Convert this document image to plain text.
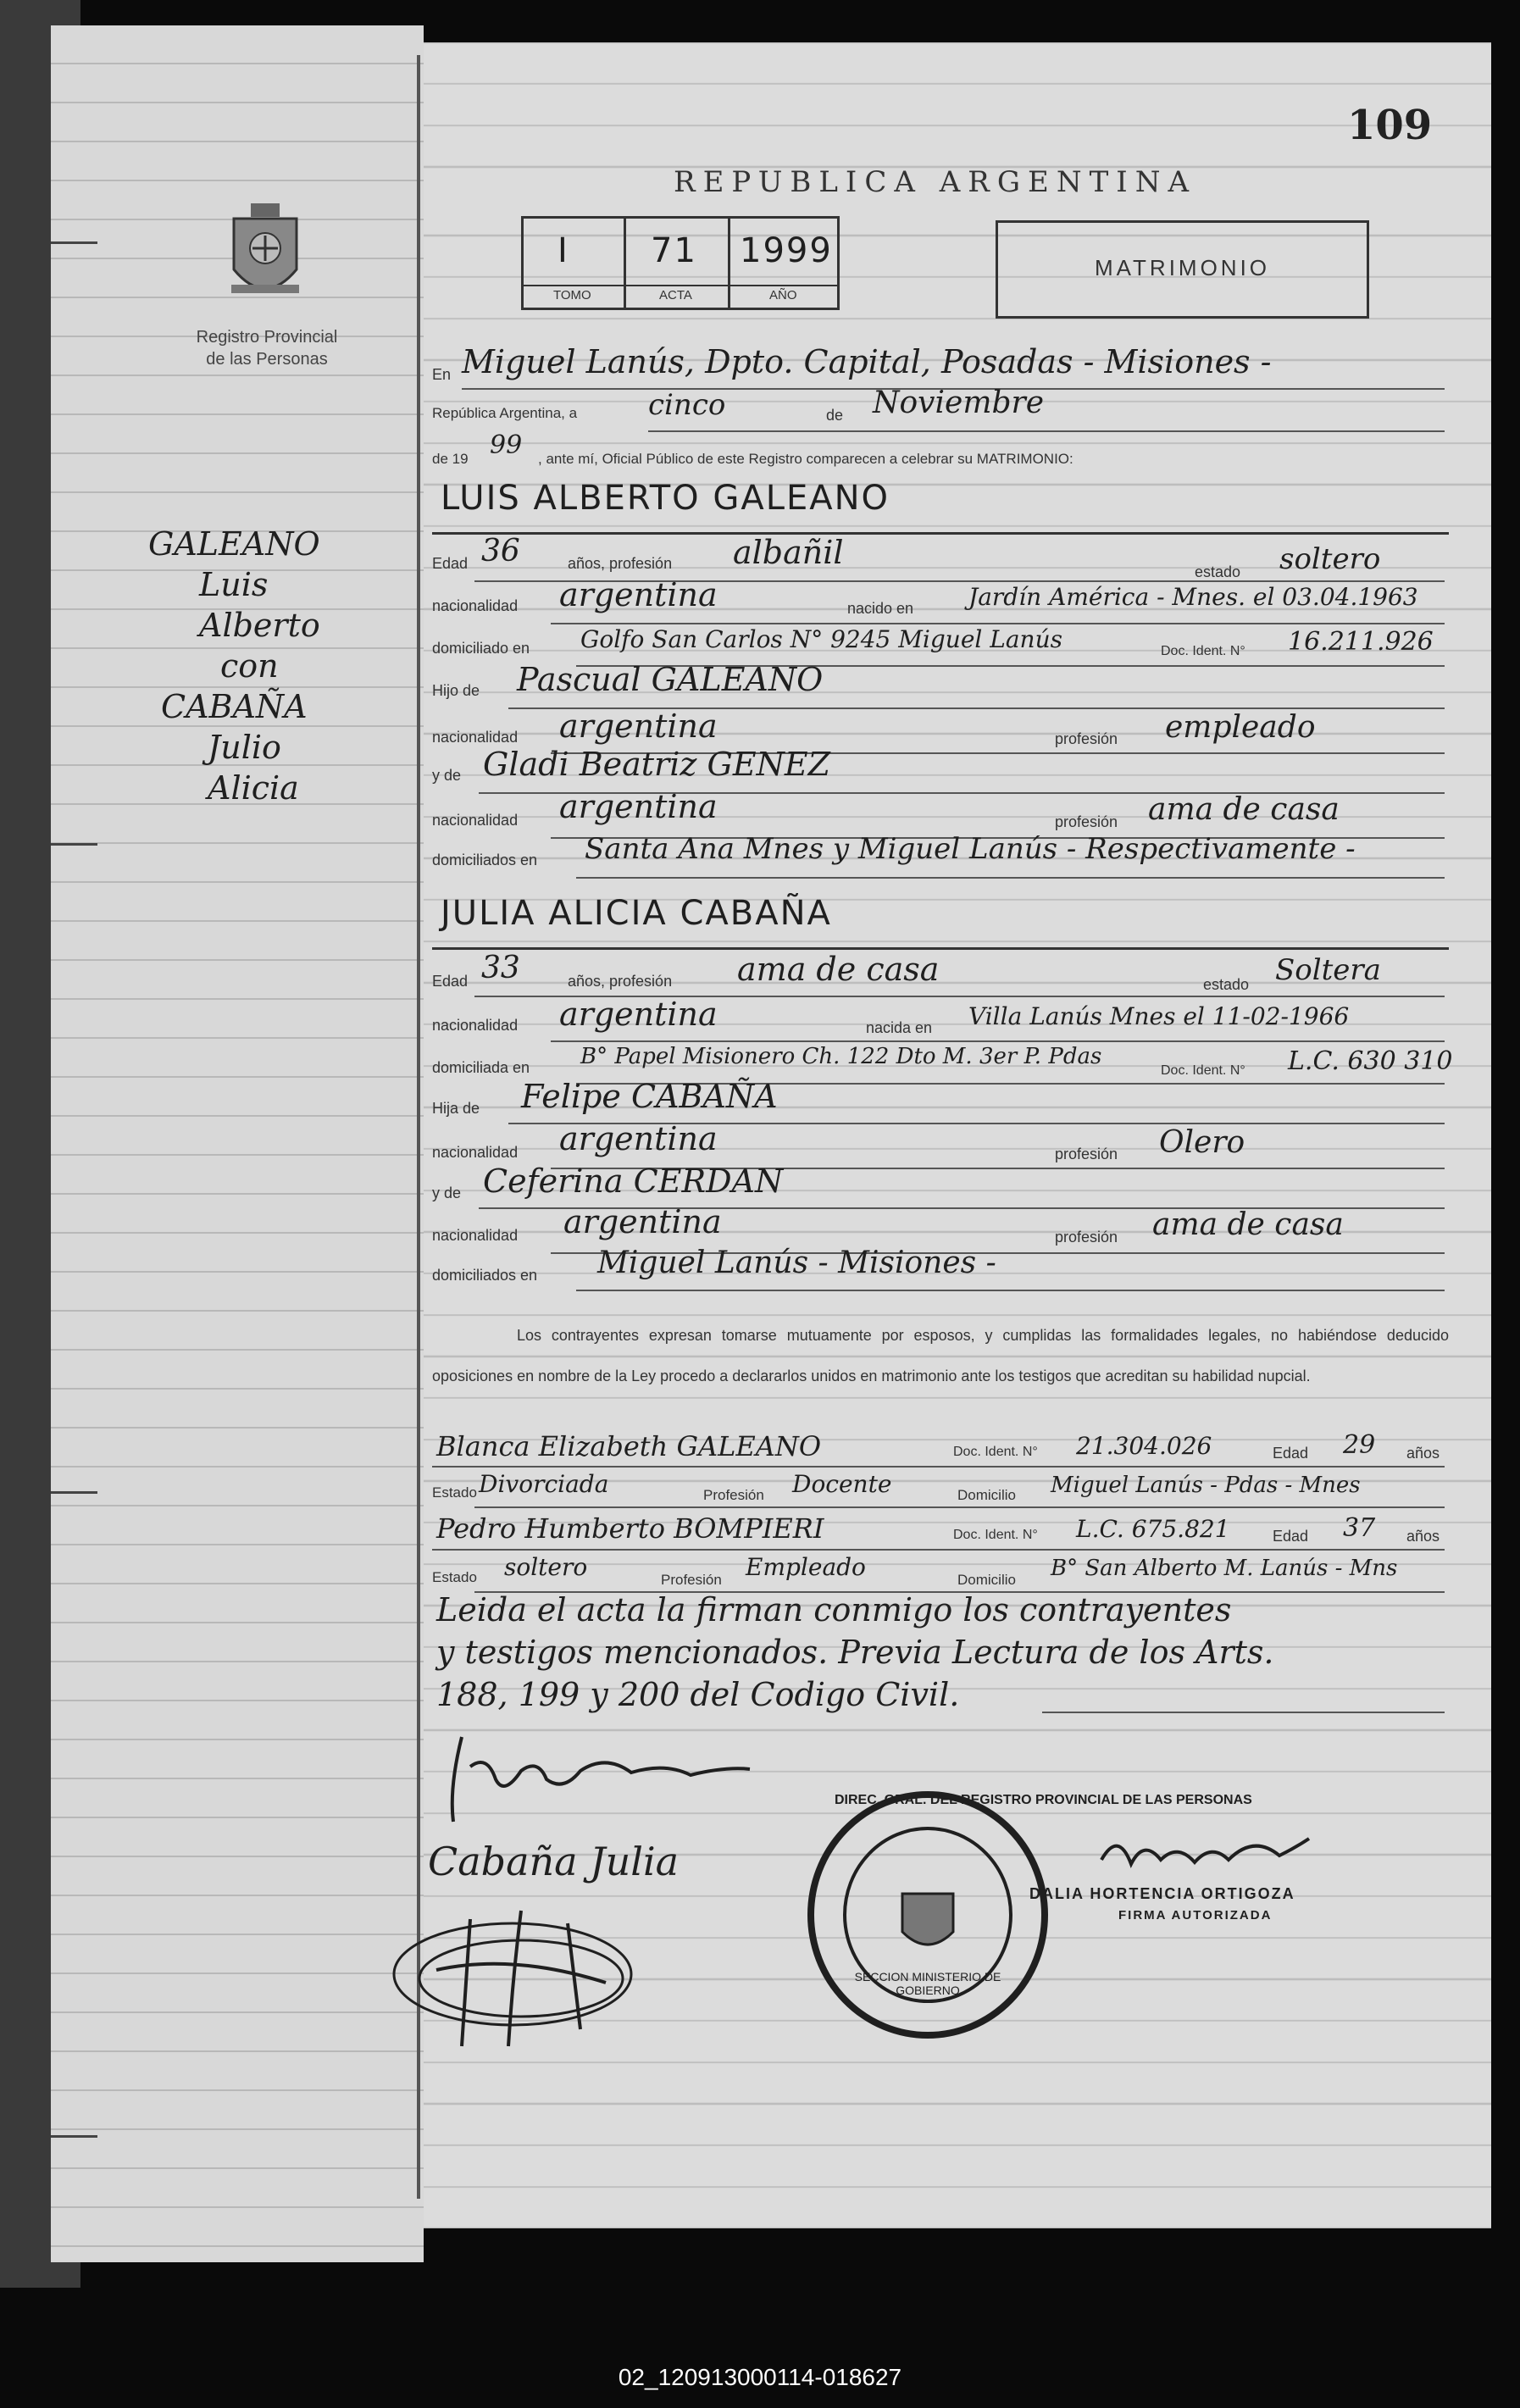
109
REPUBLICA ARGENTINA
Registro Provincial
de las Personas
I 71 1999
TOMO	ACTA	AÑO
MATRIMONIO
GALEANO
Luis
Alberto
con
CABAÑA
Julio
Alicia
En Miguel Lanús, Dpto. Capital, Posadas - Misiones -
República Argentina, a cinco	de Noviembre
de 19 99 , ante mí, Oficial Público de este Registro comparecen a celebrar su MATRIMONIO:
LUIS ALBERTO GALEANO
Edad 36	años, profesión albañil
estado soltero
nacionalidad argentina	nacido en Jardín América - Mnes. el 03.04.1963
domiciliado en Golfo San Carlos N° 9245 Miguel Lanús	Doc. Ident. N° 16.211.926
Hijo de Pascual GALEANO
nacionalidad argentina	profesión empleado
y de Gladi Beatriz GENEZ
nacionalidad argentina	profesión ama de casa
domiciliados en Santa Ana Mnes y Miguel Lanús - Respectivamente -
JULIA ALICIA CABAÑA
Edad 33	años, profesión ama de casa	estado Soltera
nacionalidad argentina	nacida en Villa Lanús Mnes el 11-02-1966
domiciliada en B° Papel Misionero Ch. 122 Dto M. 3er P. Pdas
Doc. Ident. N° L.C. 630 310
Hija de Felipe CABAÑA
nacionalidad argentina	profesión Olero
y de Ceferina CERDAN
nacionalidad argentina	profesión ama de casa
domiciliados en Miguel Lanús - Misiones -
Los contrayentes expresan tomarse mutuamente por esposos, y cumplidas las formalidades legales, no habiéndose deducido oposiciones en nombre de la Ley procedo a declararlos unidos en matrimonio ante los testigos que acreditan su habilidad nupcial.
Blanca Elizabeth GALEANO	Doc. Ident. N° 21.304.026	Edad 29 años
Estado Divorciada	Profesión Docente	Domicilio Miguel Lanús - Pdas - Mnes
Pedro Humberto BOMPIERI	Doc. Ident. N° L.C. 675.821	Edad 37 años
Estado soltero	Profesión Empleado	Domicilio B° San Alberto M. Lanús - Mns
Leida el acta la firman conmigo los contrayentes
y testigos mencionados. Previa Lectura de los Arts.
188, 199 y 200 del Codigo Civil.
Cabaña Julia
DIREC. GRAL. DEL REGISTRO PROVINCIAL DE LAS PERSONAS
SECCION MINISTERIO DE GOBIERNO
DALIA HORTENCIA ORTIGOZA
FIRMA AUTORIZADA
02_120913000114-018627
